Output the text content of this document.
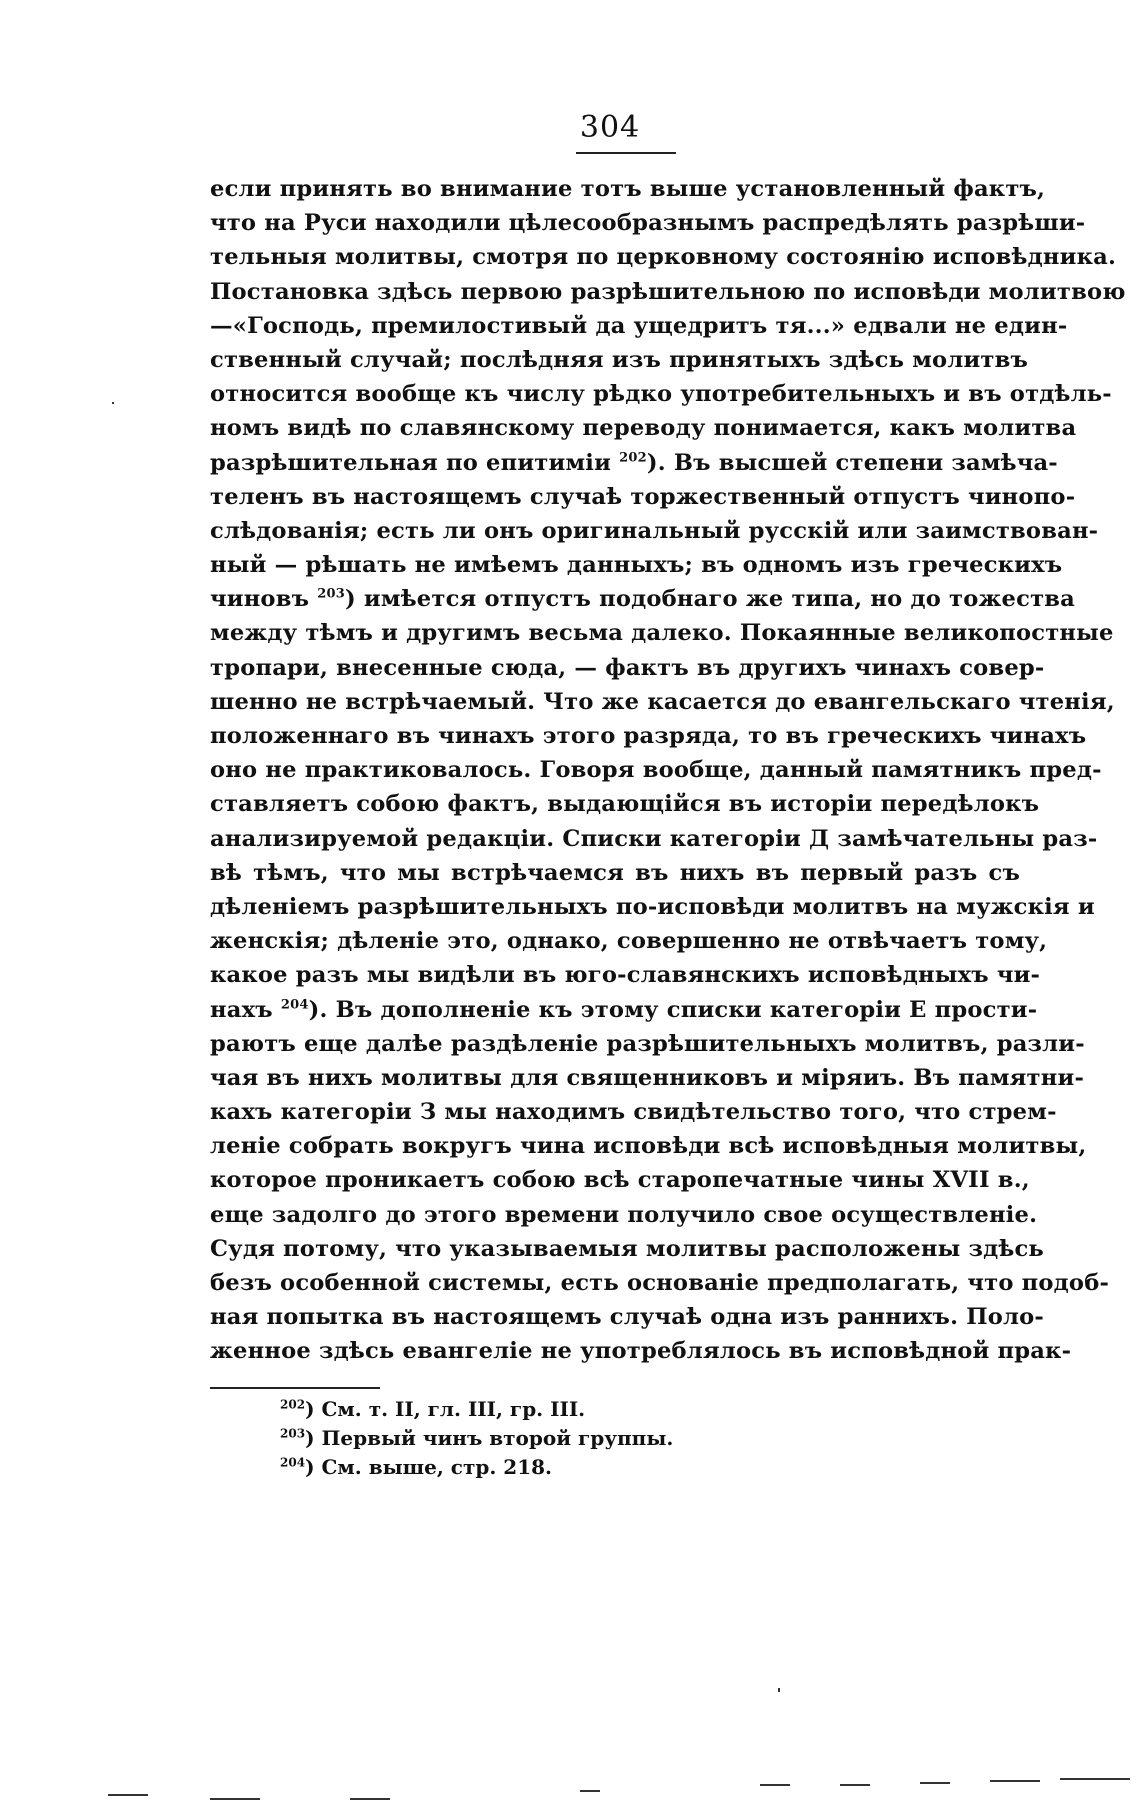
304
если принять во внимание тотъ выше установленный фактъ,
что на Руси находили цѣлесообразнымъ распредѣлять разрѣши-
тельныя молитвы, смотря по церковному состоянію исповѣдника.
Постановка здѣсь первою разрѣшительною по исповѣди молитвою
—«Господь, премилостивый да ущедритъ тя...» едвали не един-
ственный случай; послѣдняя изъ принятыхъ здѣсь молитвъ
относится вообще къ числу рѣдко употребительныхъ и въ отдѣль-
номъ видѣ по славянскому переводу понимается, какъ молитва
разрѣшительная по епитиміи $^{202}$). Въ высшей степени замѣча-
теленъ въ настоящемъ случаѣ торжественный отпустъ чинопо-
слѣдованія; есть ли онъ оригинальный русскій или заимствован-
ный — рѣшать не имѣемъ данныхъ; въ одномъ изъ греческихъ
чиновъ $^{203}$) имѣется отпустъ подобнаго же типа, но до тожества
между тѣмъ и другимъ весьма далеко. Покаянные великопостные
тропари, внесенные сюда, — фактъ въ другихъ чинахъ совер-
шенно не встрѣчаемый. Что же касается до евангельскаго чтенія,
положеннаго въ чинахъ этого разряда, то въ греческихъ чинахъ
оно не практиковалось. Говоря вообще, данный памятникъ пред-
ставляетъ собою фактъ, выдающійся въ исторіи передѣлокъ
анализируемой редакціи. Списки категоріи Д замѣчательны раз-
вѣ тѣмъ, что мы встрѣчаемся въ нихъ въ первый разъ съ
дѣленіемъ разрѣшительныхъ по-исповѣди молитвъ на мужскія и
женскія; дѣленіе это, однако, совершенно не отвѣчаетъ тому,
какое разъ мы видѣли въ юго-славянскихъ исповѣдныхъ чи-
нахъ $^{204}$). Въ дополненіе къ этому списки категоріи Е прости-
раютъ еще далѣе раздѣленіе разрѣшительныхъ молитвъ, разли-
чая въ нихъ молитвы для священниковъ и міряиъ. Въ памятни-
кахъ категоріи З мы находимъ свидѣтельство того, что стрем-
леніе собрать вокругъ чина исповѣди всѣ исповѣдныя молитвы,
которое проникаетъ собою всѣ старопечатные чины XVII в.,
еще задолго до этого времени получило свое осуществленіе.
Судя потому, что указываемыя молитвы расположены здѣсь
безъ особенной системы, есть основаніе предполагать, что подоб-
ная попытка въ настоящемъ случаѣ одна изъ раннихъ. Поло-
женное здѣсь евангеліе не употреблялось въ исповѣдной прак-
$^{202}$) См. т. II, гл. III, гр. III.
$^{203}$) Первый чинъ второй группы.
$^{204}$) См. выше, стр. 218.
